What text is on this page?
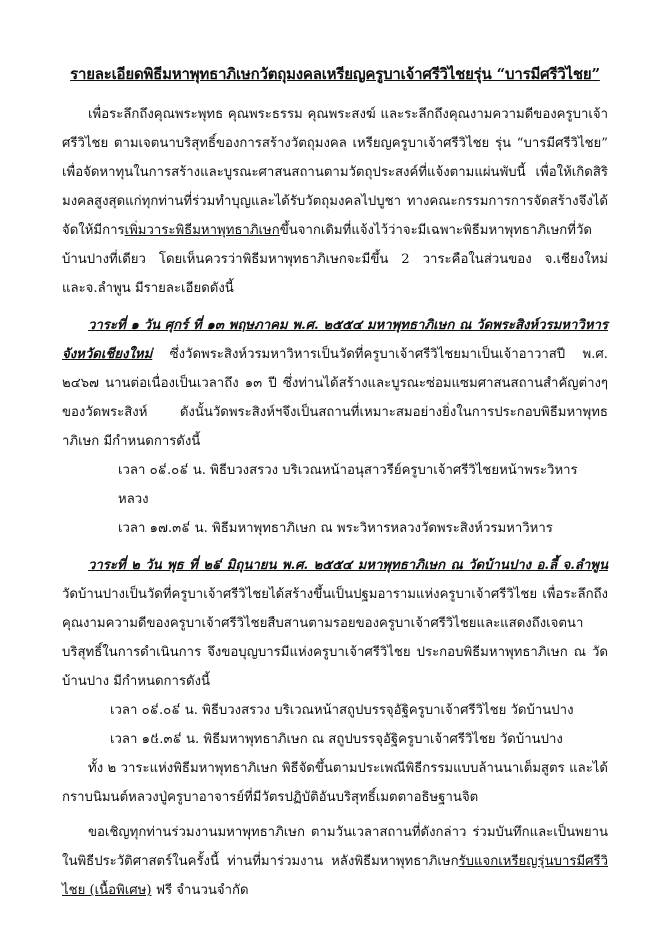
รายละเอียดพิธีมหาพุทธาภิเษกวัตถุมงคลเหรียญครูบาเจ้าศรีวิไชยรุ่น “บารมีศรีวิไชย”

เพื่อระลึกถึงคุณพระพุทธ คุณพระธรรม คุณพระสงฆ์ และระลึกถึงคุณงามความดีของครูบาเจ้าศรีวิไชย ตามเจตนาบริสุทธิ์ของการสร้างวัตถุมงคล เหรียญครูบาเจ้าศรีวิไชย รุ่น “บารมีศรีวิไชย” เพื่อจัดหาทุนในการสร้างและบูรณะศาสนสถานตามวัตถุประสงค์ที่แจ้งตามแผ่นพับนี้ เพื่อให้เกิดสิริมงคลสูงสุดแก่ทุกท่านที่ร่วมทำบุญและได้รับวัตถุมงคลไปบูชา ทางคณะกรรมการการจัดสร้างจึงได้จัดให้มีการเพิ่มวาระพิธีมหาพุทธาภิเษกขึ้นจากเดิมที่แจ้งไว้ว่าจะมีเฉพาะพิธีมหาพุทธาภิเษกที่วัดบ้านปางที่เดียว โดยเห็นควรว่าพิธีมหาพุทธาภิเษกจะมีขึ้น 2 วาระคือในส่วนของ จ.เชียงใหม่ และจ.ลำพูน มีรายละเอียดดังนี้

วาระที่ ๑ วัน ศุกร์ ที่ ๑๓ พฤษภาคม พ.ศ. ๒๕๕๔ มหาพุทธาภิเษก ณ วัดพระสิงห์วรมหาวิหาร จังหวัดเชียงใหม่ ซึ่งวัดพระสิงห์วรมหาวิหารเป็นวัดที่ครูบาเจ้าศรีวิไชยมาเป็นเจ้าอาวาสปี พ.ศ. ๒๔๖๗ นานต่อเนื่องเป็นเวลาถึง ๑๓ ปี ซึ่งท่านได้สร้างและบูรณะซ่อมแซมศาสนสถานสำคัญต่างๆของวัดพระสิงห์ ดังนั้นวัดพระสิงห์ฯจึงเป็นสถานที่เหมาะสมอย่างยิ่งในการประกอบพิธีมหาพุทธาภิเษก มีกำหนดการดังนี้

เวลา ๐៩.๐៩ น. พิธีบวงสรวง บริเวณหน้าอนุสาวรีย์ครูบาเจ้าศรีวิไชยหน้าพระวิหารหลวง
เวลา ๑๗.๓៩ น. พิธีมหาพุทธาภิเษก ณ พระวิหารหลวงวัดพระสิงห์วรมหาวิหาร

วาระที่ ๒ วัน พุธ ที่ ๒៩ มิถุนายน พ.ศ. ๒๕๕๔ มหาพุทธาภิเษก ณ วัดบ้านปาง อ.ลี้ จ.ลำพูน วัดบ้านปางเป็นวัดที่ครูบาเจ้าศรีวิไชยได้สร้างขึ้นเป็นปฐมอารามแห่งครูบาเจ้าศรีวิไชย เพื่อระลึกถึงคุณงามความดีของครูบาเจ้าศรีวิไชยสืบสานตามรอยของครูบาเจ้าศรีวิไชยและแสดงถึงเจตนาบริสุทธิ์ในการดำเนินการ จึงขอบุญบารมีแห่งครูบาเจ้าศรีวิไชย ประกอบพิธีมหาพุทธาภิเษก ณ วัดบ้านปาง มีกำหนดการดังนี้

เวลา ๐៩.๐៩ น. พิธีบวงสรวง บริเวณหน้าสถูปบรรจุอัฐิครูบาเจ้าศรีวิไชย วัดบ้านปาง
เวลา ๑៥.๓៩ น. พิธีมหาพุทธาภิเษก ณ สถูปบรรจุอัฐิครูบาเจ้าศรีวิไชย วัดบ้านปาง

ทั้ง ๒ วาระแห่งพิธีมหาพุทธาภิเษก พิธีจัดขึ้นตามประเพณีพิธีกรรมแบบล้านนาเต็มสูตร และได้กราบนิมนต์หลวงปู่ครูบาอาจารย์ที่มีวัตรปฏิบัติอันบริสุทธิ์เมตตาอธิษฐานจิต

ขอเชิญทุกท่านร่วมงานมหาพุทธาภิเษก ตามวันเวลาสถานที่ดังกล่าว ร่วมบันทึกและเป็นพยานในพิธีประวัติศาสตร์ในครั้งนี้ ท่านที่มาร่วมงาน หลังพิธีมหาพุทธาภิเษกรับแจกเหรียญรุ่นบารมีศรีวิไชย (เนื้อพิเศษ) ฟรี จำนวนจำกัด
